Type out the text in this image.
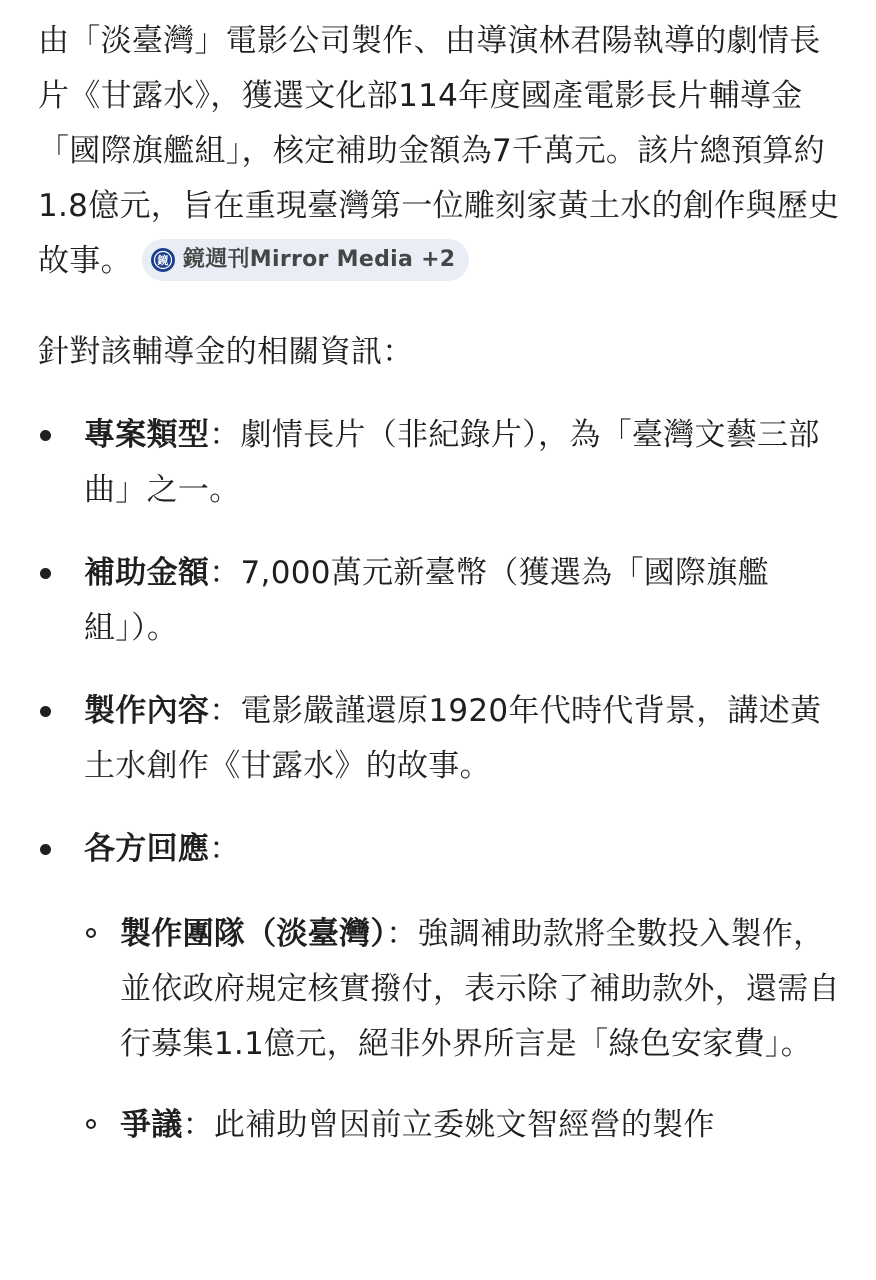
由「淡臺灣」電影公司製作、由導演林君陽執導的劇情長片《甘露水》，獲選文化部114年度國產電影長片輔導金「國際旗艦組」，核定補助金額為7千萬元。該片總預算約1.8億元，旨在重現臺灣第一位雕刻家黃土水的創作與歷史故事。 鏡 鏡週刊Mirror Media +2

針對該輔導金的相關資訊：

專案類型：劇情長片（非紀錄片），為「臺灣文藝三部曲」之一。
補助金額：7,000萬元新臺幣（獲選為「國際旗艦組」）。
製作內容：電影嚴謹還原1920年代時代背景，講述黃土水創作《甘露水》的故事。
各方回應：
製作團隊（淡臺灣）：強調補助款將全數投入製作，並依政府規定核實撥付，表示除了補助款外，還需自行募集1.1億元，絕非外界所言是「綠色安家費」。
爭議：此補助曾因前立委姚文智經營的製作
